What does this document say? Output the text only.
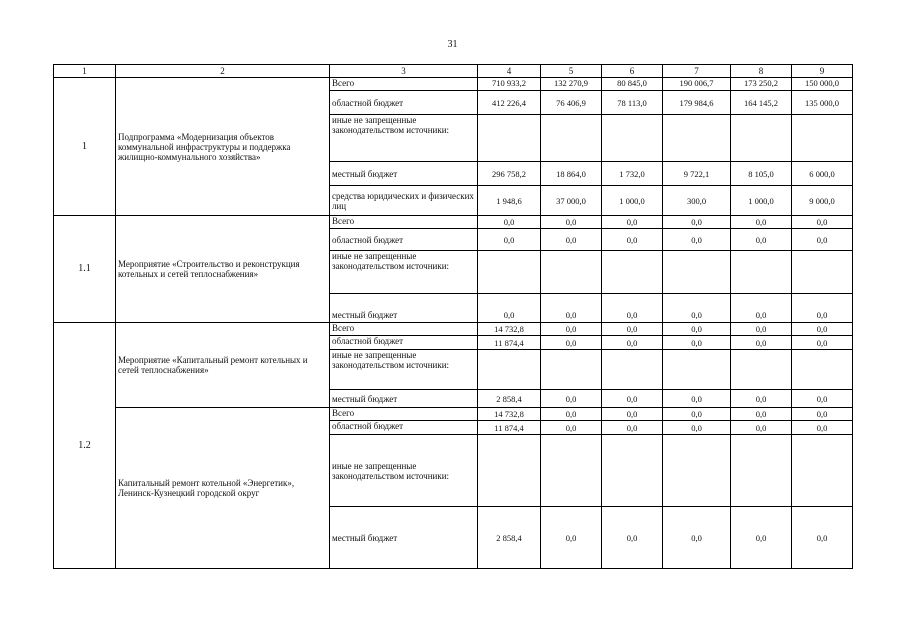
31
1	2	3	4	5	6	7	8	9
1	Подпрограмма «Модернизация объектов коммунальной инфраструктуры и поддержка жилищно-коммунального хозяйства»	Всего	710 933,2	132 270,9	80 845,0	190 006,7	173 250,2	150 000,0
		областной бюджет	412 226,4	76 406,9	78 113,0	179 984,6	164 145,2	135 000,0
		иные не запрещенные законодательством источники:						
		местный бюджет	296 758,2	18 864,0	1 732,0	9 722,1	8 105,0	6 000,0
		средства юридических и физических лиц	1 948,6	37 000,0	1 000,0	300,0	1 000,0	9 000,0
1.1	Мероприятие «Строительство и реконструкция котельных и сетей теплоснабжения»	Всего	0,0	0,0	0,0	0,0	0,0	0,0
		областной бюджет	0,0	0,0	0,0	0,0	0,0	0,0
		иные не запрещенные законодательством источники:						
		местный бюджет	0,0	0,0	0,0	0,0	0,0	0,0
1.2	Мероприятие «Капитальный ремонт котельных и сетей теплоснабжения»	Всего	14 732,8	0,0	0,0	0,0	0,0	0,0
		областной бюджет	11 874,4	0,0	0,0	0,0	0,0	0,0
		иные не запрещенные законодательством источники:						
		местный бюджет	2 858,4	0,0	0,0	0,0	0,0	0,0
	Капитальный ремонт котельной «Энергетик», Ленинск-Кузнецкий городской округ	Всего	14 732,8	0,0	0,0	0,0	0,0	0,0
		областной бюджет	11 874,4	0,0	0,0	0,0	0,0	0,0
		иные не запрещенные законодательством источники:						
		местный бюджет	2 858,4	0,0	0,0	0,0	0,0	0,0
